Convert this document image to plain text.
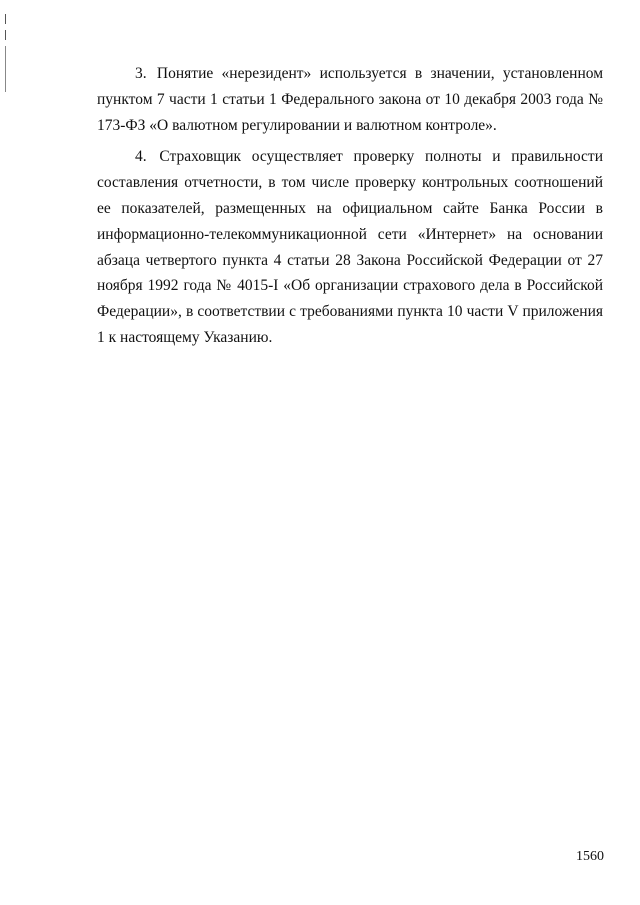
3. Понятие «нерезидент» используется в значении, установленном пунктом 7 части 1 статьи 1 Федерального закона от 10 декабря 2003 года № 173-ФЗ «О валютном регулировании и валютном контроле».

4. Страховщик осуществляет проверку полноты и правильности составления отчетности, в том числе проверку контрольных соотношений ее показателей, размещенных на официальном сайте Банка России в информационно-телекоммуникационной сети «Интернет» на основании абзаца четвертого пункта 4 статьи 28 Закона Российской Федерации от 27 ноября 1992 года № 4015-I «Об организации страхового дела в Российской Федерации», в соответствии с требованиями пункта 10 части V приложения 1 к настоящему Указанию.

1560
